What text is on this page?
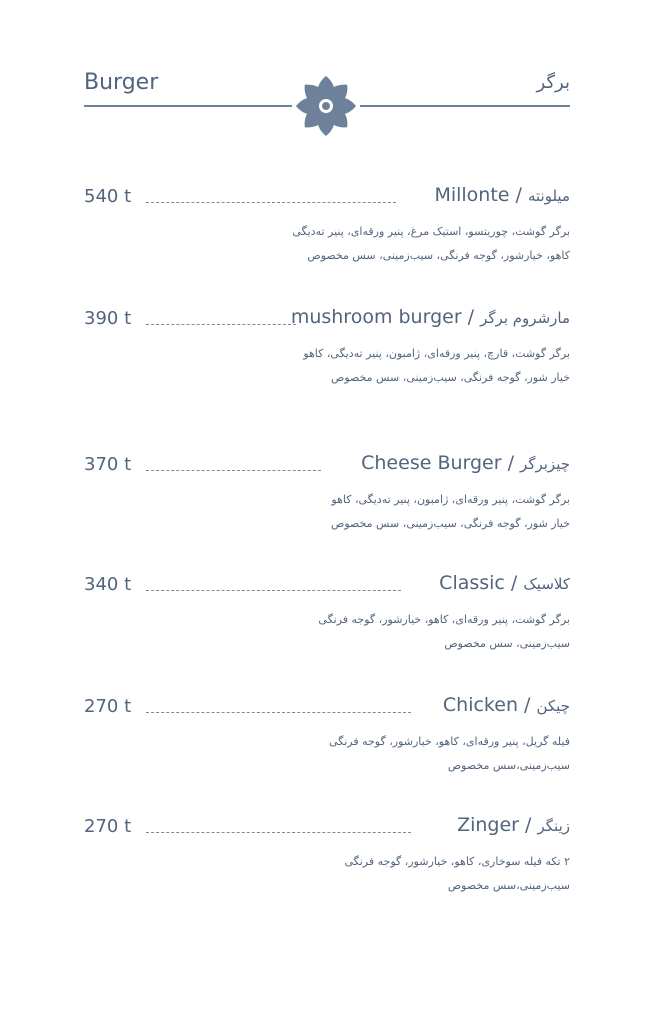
Burger	برگر
540 t	Millonte / میلونته
برگر گوشت، چوریتسو، استیک مرغ، پنیر ورقه‌ای، پنیر ته‌دیگی
کاهو، خیارشور، گوجه فرنگی، سیب‌زمینی، سس مخصوص
390 t	mushroom burger / مارشروم برگر
برگر گوشت، قارچ، پنیر ورقه‌ای، ژامبون، پنیر ته‌دیگی، کاهو
خیار شور، گوجه فرنگی، سیب‌زمینی، سس مخصوص
370 t	Cheese Burger / چیزبرگر
برگر گوشت، پنیر ورقه‌ای، ژامبون، پنیر ته‌دیگی، کاهو
خیار شور، گوجه فرنگی، سیب‌زمینی، سس مخصوص
340 t	Classic / کلاسیک
برگر گوشت، پنیر ورقه‌ای، کاهو، خیارشور، گوجه فرنگی
سیب‌زمینی، سس مخصوص
270 t	Chicken / چیکن
فیله گریل، پنیر ورقه‌ای، کاهو، خیارشور، گوجه فرنگی
سیب‌زمینی،سس مخصوص
270 t	Zinger / زینگر
۲ تکه فیله سوخاری، کاهو، خیارشور، گوجه فرنگی
سیب‌زمینی،سس مخصوص
